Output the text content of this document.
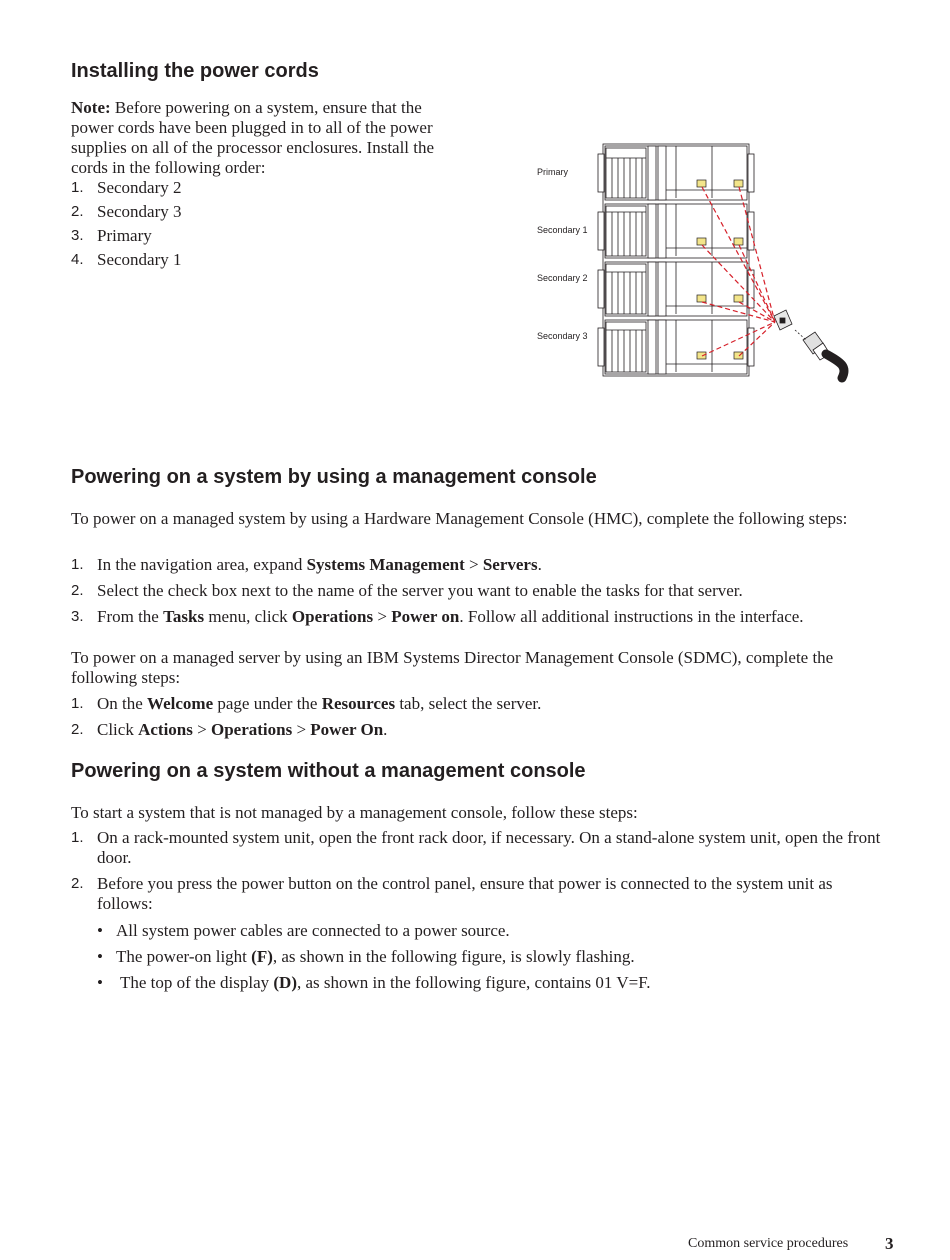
Installing the power cords

Note: Before powering on a system, ensure that the power cords have been plugged in to all of the power supplies on all of the processor enclosures. Install the cords in the following order:

1. Secondary 2
2. Secondary 3
3. Primary
4. Secondary 1
Primary
Secondary 1
Secondary 2
Secondary 3
Powering on a system by using a management console

To power on a managed system by using a Hardware Management Console (HMC), complete the following steps:

1. In the navigation area, expand Systems Management > Servers.
2. Select the check box next to the name of the server you want to enable the tasks for that server.
3. From the Tasks menu, click Operations > Power on. Follow all additional instructions in the interface.

To power on a managed server by using an IBM Systems Director Management Console (SDMC), complete the following steps:

1. On the Welcome page under the Resources tab, select the server.
2. Click Actions > Operations > Power On.
Powering on a system without a management console

To start a system that is not managed by a management console, follow these steps:

1. On a rack-mounted system unit, open the front rack door, if necessary. On a stand-alone system unit, open the front door.
2. Before you press the power button on the control panel, ensure that power is connected to the system unit as follows:
• All system power cables are connected to a power source.
• The power-on light (F), as shown in the following figure, is slowly flashing.
• The top of the display (D), as shown in the following figure, contains 01 V=F.
Common service procedures 3
